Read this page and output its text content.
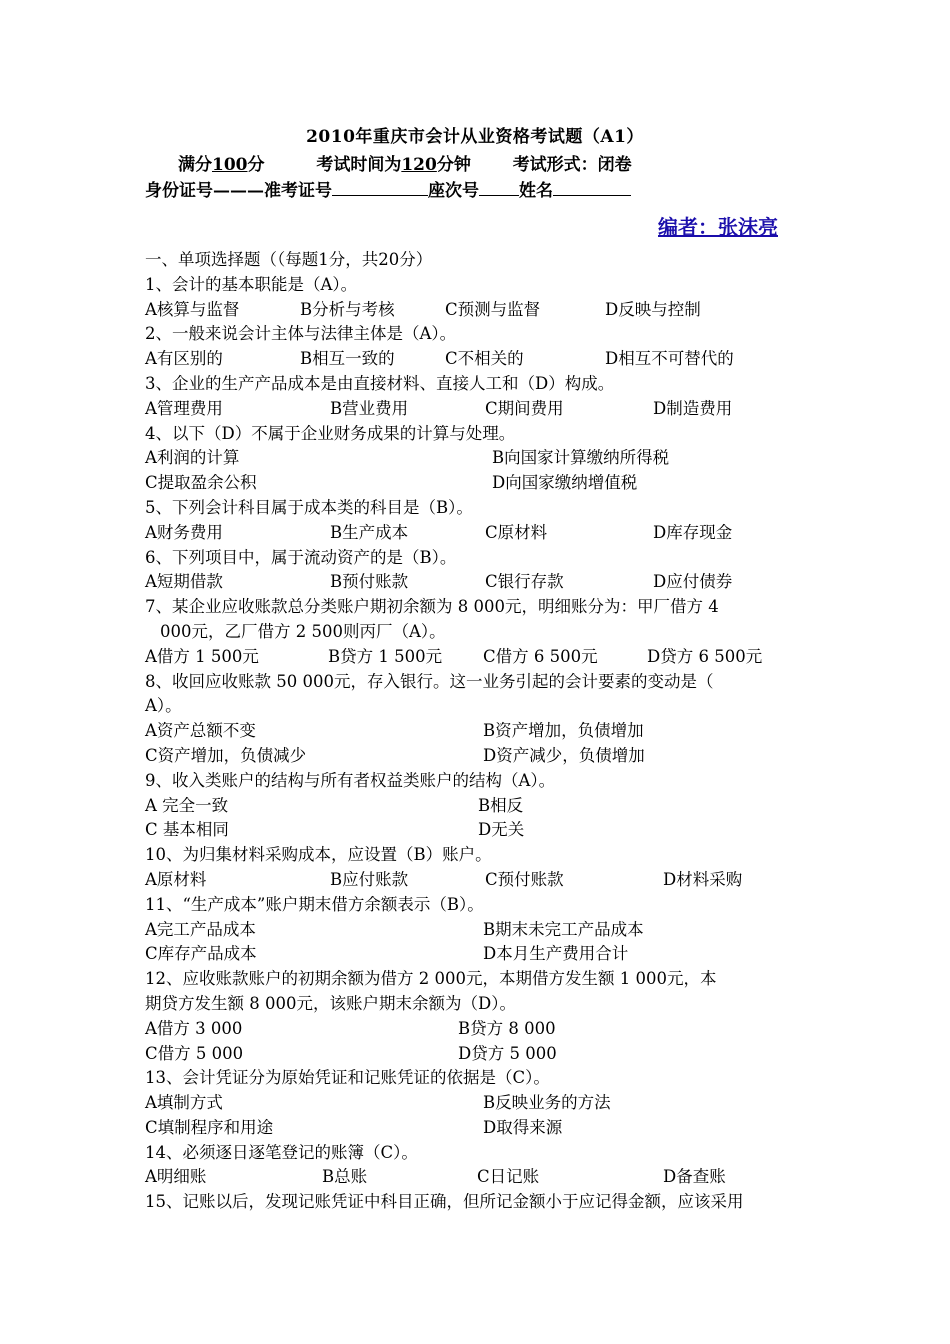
2010年重庆市会计从业资格考试题（A1）
满分100分	考试时间为120分钟 考试形式：闭卷
身份证号———准考证号	座次号 姓名
编者：张沫亮
一、单项选择题（（每题1分，共20分）
1、会计的基本职能是（A）。
A核算与监督	B分析与考核	C预测与监督	D反映与控制
2、一般来说会计主体与法律主体是（A）。
A有区别的	B相互一致的	C不相关的	D相互不可替代的
3、企业的生产产品成本是由直接材料、直接人工和（D）构成。
A管理费用	B营业费用	C期间费用	D制造费用
4、以下（D）不属于企业财务成果的计算与处理。
A利润的计算	B向国家计算缴纳所得税
C提取盈余公积	D向国家缴纳增值税
5、下列会计科目属于成本类的科目是（B）。
A财务费用	B生产成本	C原材料	D库存现金
6、下列项目中，属于流动资产的是（B）。
A短期借款	B预付账款	C银行存款	D应付债券
7、某企业应收账款总分类账户期初余额为 8 000元，明细账分为：甲厂借方 4
000元，乙厂借方 2 500则丙厂（A）。
A借方 1 500元	B贷方 1 500元 C借方 6 500元	D贷方 6 500元
8、收回应收账款 50 000元，存入银行。这一业务引起的会计要素的变动是（
A）。
A资产总额不变	B资产增加，负债增加
C资产增加，负债减少	D资产减少，负债增加
9、收入类账户的结构与所有者权益类账户的结构（A）。
A 完全一致	B相反
C 基本相同	D无关
10、为归集材料采购成本，应设置（B）账户。
A原材料	B应付账款	C预付账款	D材料采购
11、“生产成本”账户期末借方余额表示（B）。
A完工产品成本	B期末未完工产品成本
C库存产品成本	D本月生产费用合计
12、应收账款账户的初期余额为借方 2 000元，本期借方发生额 1 000元，本
期贷方发生额 8 000元，该账户期末余额为（D）。
A借方 3 000	B贷方 8 000
C借方 5 000	D贷方 5 000
13、会计凭证分为原始凭证和记账凭证的依据是（C）。
A填制方式	B反映业务的方法
C填制程序和用途	D取得来源
14、必须逐日逐笔登记的账簿（C）。
A明细账	B总账	C日记账	D备查账
15、记账以后，发现记账凭证中科目正确，但所记金额小于应记得金额，应该采用
